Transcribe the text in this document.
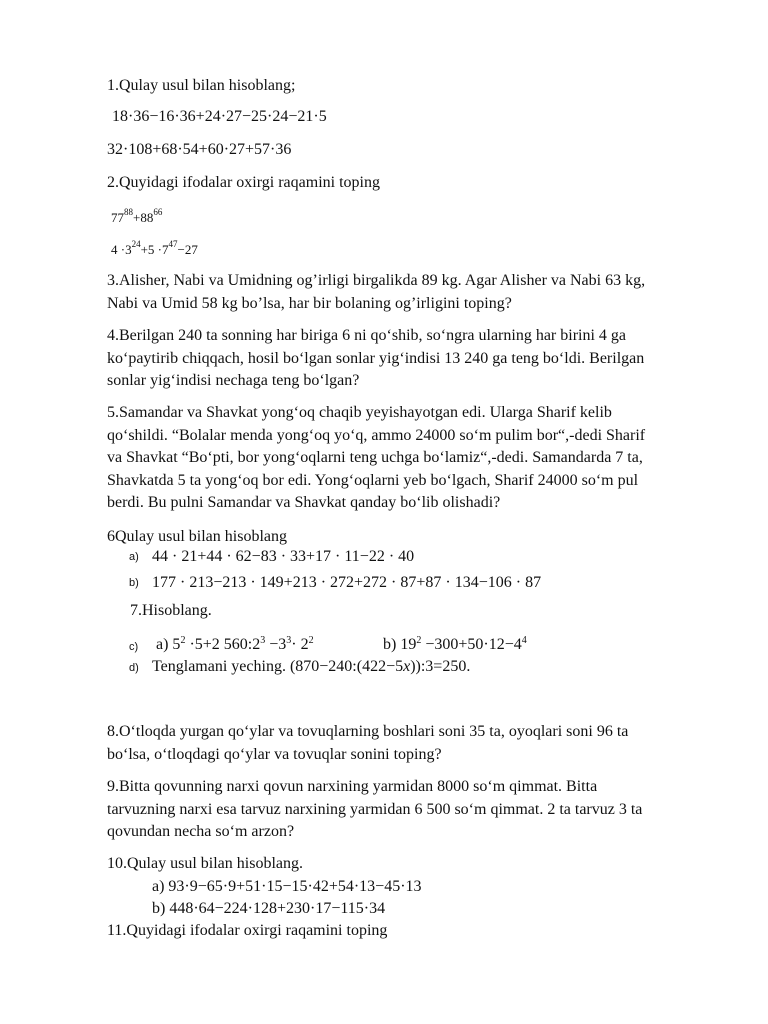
1.Qulay usul bilan hisoblang;
18·36−16·36+24·27−25·24−21·5
32·108+68·54+60·27+57·36
2.Quyidagi ifodalar oxirgi raqamini toping
$77^{88}+88^{66}$
$4 \cdot 3^{24}+5 \cdot 7^{47}-27$
3.Alisher, Nabi va Umidning og’irligi birgalikda 89 kg. Agar Alisher va Nabi 63 kg,
Nabi va Umid 58 kg bo’lsa, har bir bolaning og’irligini toping?
4.Berilgan 240 ta sonning har biriga 6 ni qo‘shib, so‘ngra ularning har birini 4 ga
ko‘paytirib chiqqach, hosil bo‘lgan sonlar yig‘indisi 13 240 ga teng bo‘ldi. Berilgan
sonlar yig‘indisi nechaga teng bo‘lgan?
5.Samandar va Shavkat yong‘oq chaqib yeyishayotgan edi. Ularga Sharif kelib
qo‘shildi. “Bolalar menda yong‘oq yo‘q, ammo 24000 so‘m pulim bor“,-dedi Sharif
va Shavkat “Bo‘pti, bor yong‘oqlarni teng uchga bo‘lamiz“,-dedi. Samandarda 7 ta,
Shavkatda 5 ta yong‘oq bor edi. Yong‘oqlarni yeb bo‘lgach, Sharif 24000 so‘m pul
berdi. Bu pulni Samandar va Shavkat qanday bo‘lib olishadi?
6Qulay usul bilan hisoblang
a) 44 · 21+44 · 62−83 · 33+17 · 11−22 · 40
b) 177 · 213−213 · 149+213 · 272+272 · 87+87 · 134−106 · 87
7.Hisoblang.
c) a) $5^2 \cdot 5+2$ $560:2^3 -3^3\cdot 2^2$	b) $19^2 -300+50\cdot 12-4^4$
d) Tenglamani yeching. (870−240:(422−5x)):3=250.
8.O‘tloqda yurgan qo‘ylar va tovuqlarning boshlari soni 35 ta, oyoqlari soni 96 ta
bo‘lsa, o‘tloqdagi qo‘ylar va tovuqlar sonini toping?
9.Bitta qovunning narxi qovun narxining yarmidan 8000 so‘m qimmat. Bitta
tarvuzning narxi esa tarvuz narxining yarmidan 6 500 so‘m qimmat. 2 ta tarvuz 3 ta
qovundan necha so‘m arzon?
10.Qulay usul bilan hisoblang.
a) 93·9−65·9+51·15−15·42+54·13−45·13
b) 448·64−224·128+230·17−115·34
11.Quyidagi ifodalar oxirgi raqamini toping
